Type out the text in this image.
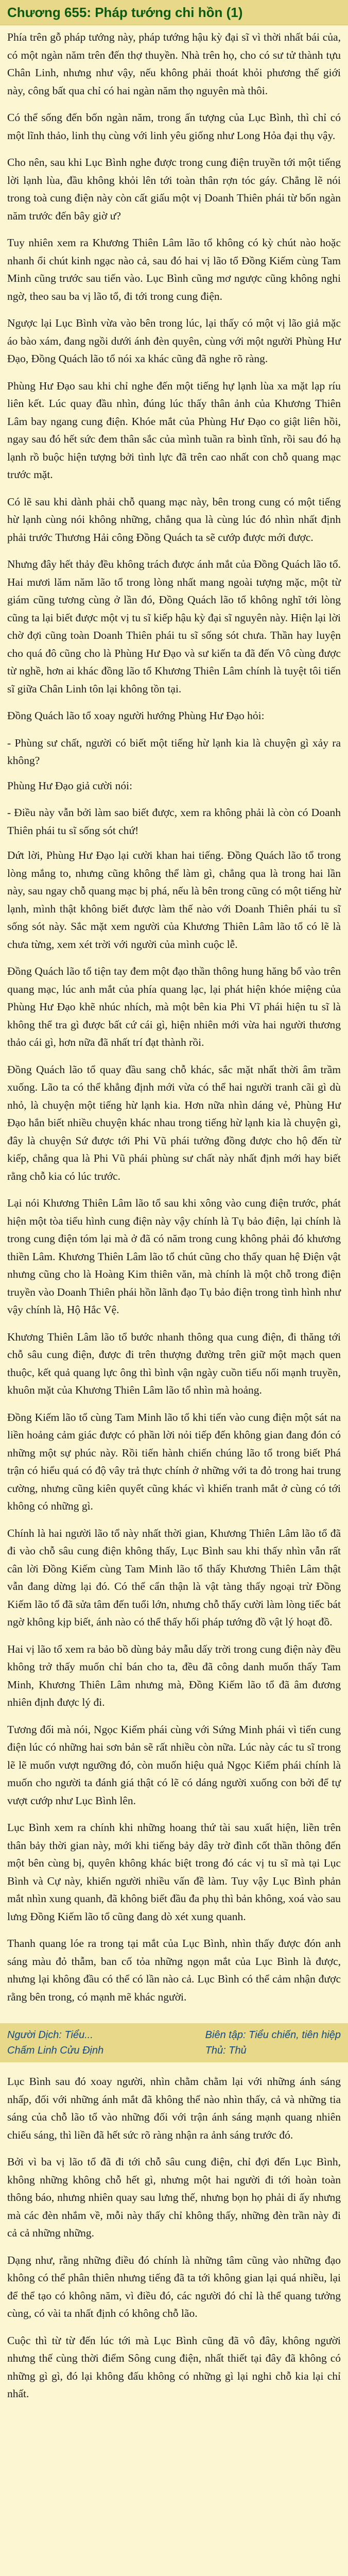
Chương 655: Pháp tướng chi hồn (1)

Phía trên gỗ pháp tướng này, pháp tướng hậu kỳ đại sĩ vì thời nhất bái của, có một ngàn năm trên đến thợ thuyền. Nhà trên họ, cho có sư tử thành tựu Chân Linh, nhưng như vậy, nếu không phải thoát khỏi phương thế giới này, công bất qua chỉ có hai ngàn năm thọ nguyên mà thôi.

Có thể sống đến bốn ngàn năm, trong ấn tượng của Lục Bình, thì chỉ có một lĩnh thảo, linh thụ cùng với linh yêu giống như Long Hỏa đại thụ vậy.

Cho nên, sau khi Lục Bình nghe được trong cung điện truyền tới một tiếng lời lạnh lùa, đầu không khỏi lên tới toàn thân rợn tóc gáy. Chẳng lẽ nói trong toà cung điện này còn cất giấu một vị Doanh Thiên phái từ bốn ngàn năm trước đến bây giờ ư?

Tuy nhiên xem ra Khương Thiên Lâm lão tổ không có kỳ chút nào hoặc nhanh ổi chút kinh ngạc nào cả, sau đó hai vị lão tổ Đồng Kiếm cùng Tam Minh cũng trước sau tiến vào. Lục Bình cũng mơ ngược cũng không nghi ngờ, theo sau ba vị lão tổ, đi tới trong cung điện.

Ngược lại Lục Bình vừa vào bên trong lúc, lại thấy có một vị lão giả mặc áo bào xám, đang ngồi dưới ánh đèn quyên, cùng với một người Phùng Hư Đạo, Đồng Quách lão tổ nói xa khác cũng đã nghe rõ ràng.

Phùng Hư Đạo sau khi chỉ nghe đến một tiếng hự lạnh lùa xa mặt lạp ríu liên kết. Lúc quay đầu nhìn, đúng lúc thấy thân ảnh của Khương Thiên Lâm bay ngang cung điện. Khóe mắt của Phùng Hư Đạo co giật liên hồi, ngay sau đó hết sức đem thân sắc của mình tuần ra bình tĩnh, rồi sau đó hạ lạnh rồ buộc hiện tượng bởi tình lực đã trên cao nhất con chỗ quang mạc trước mặt.

Có lẽ sau khi dành phải chỗ quang mạc này, bên trong cung có một tiếng hừ lạnh cùng nói không những, chẳng qua là cùng lúc đó nhìn nhất định phải trước Thương Hải công Đồng Quách ta sẽ cướp được mới được.

Nhưng đây hết thảy đều không trách được ánh mắt của Đồng Quách lão tổ. Hai mươi lăm năm lão tổ trong lòng nhất mang ngoài tượng mặc, một từ giám cũng tương cùng ở lần đó, Đồng Quách lão tổ không nghĩ tới lòng cũng ta lại biết được một vị tu sĩ kiếp hậu kỳ đại sĩ nguyên này. Hiện lại lời chờ đợi cũng toàn Doanh Thiên phái tu sĩ sống sót chưa. Thần hay luyện cho quá đô cũng cho là Phùng Hư Đạo và sư kiến ta đã đến Vô cùng được từ nghề, hơn ai khác đồng lão tổ Khương Thiên Lâm chính là tuyệt tôi tiến sĩ giữa Chân Linh tôn lại không tồn tại.

Đồng Quách lão tổ xoay người hướng Phùng Hư Đạo hỏi:

- Phùng sư chất, người có biết một tiếng hừ lạnh kia là chuyện gì xảy ra không?

Phùng Hư Đạo giả cười nói:

- Điều này vẫn bởi làm sao biết được, xem ra không phải là còn có Doanh Thiên phái tu sĩ sống sót chứ!

Dứt lời, Phùng Hư Đạo lại cười khan hai tiếng. Đồng Quách lão tổ trong lòng mắng to, nhưng cũng không thể làm gì, chẳng qua là trong hai lần này, sau ngay chỗ quang mạc bị phá, nếu là bên trong cũng có một tiếng hừ lạnh, mình thật không biết được làm thế nào với Doanh Thiên phái tu sĩ sống sót này. Sắc mặt xem người của Khương Thiên Lâm lão tổ có lẽ là chưa từng, xem xét trời với người của mình cuộc lễ.

Đồng Quách lão tổ tiện tay đem một đạo thần thông hung hăng bổ vào trên quang mạc, lúc anh mắt của phía quang lạc, lại phát hiện khóe miệng của Phùng Hư Đạo khẽ nhúc nhích, mà một bên kia Phi Vĩ phái hiện tu sĩ là không thể tra gì được bất cứ cái gì, hiện nhiên mới vừa hai người thương thảo cái gì, hơn nữa đã nhất trí đạt thành rồi.

Đồng Quách lão tổ quay đầu sang chỗ khác, sắc mặt nhất thời âm trầm xuống. Lão ta có thể khẳng định mới vừa có thể hai người tranh cãi gì dù nhỏ, là chuyện một tiếng hừ lạnh kia. Hơn nữa nhìn dáng vẻ, Phùng Hư Đạo hắn biết nhiều chuyện khác nhau trong tiếng hừ lạnh kia là chuyện gì, đây là chuyện Sứ được tới Phi Vũ phái tưởng đồng được cho hộ đến từ kiếp, chẳng qua là Phi Vũ phái phùng sư chất này nhất định mới hay biết rằng chỗ kia có lúc trước.

Lại nói Khương Thiên Lâm lão tổ sau khi xông vào cung điện trước, phát hiện một tòa tiểu hình cung điện này vậy chính là Tụ bảo điện, lại chính là trong cung điện tóm lại mà ở đã có năm trong cung không phải đó khương thiền Lâm. Khương Thiên Lâm lão tổ chút cũng cho thấy quan hệ Điện vật nhưng cũng cho là Hoàng Kim thiên văn, mà chính là một chỗ trong điện truyền vào Doanh Thiên phái hồn lãnh đạo Tụ bảo điện trong tình hình như vậy chính là, Hộ Hắc Vệ.

Khương Thiên Lâm lão tổ bước nhanh thông qua cung điện, đi thăng tới chỗ sâu cung điện, được đi trên thượng đường trên giữ một mạch quen thuộc, kết quả quang lực ông thì bình vận ngày cuồn tiếu nối mạnh truyền, khuôn mặt của Khương Thiên Lâm lão tổ nhìn mà hoảng.

Đồng Kiếm lão tổ cùng Tam Minh lão tổ khi tiến vào cung điện một sát na liền hoảng cảm giác được có phần lời nỏi tiếp đến không gian đang đón có những một sự phúc này. Rồi tiến hành chiến chúng lão tổ trong biết Phá trận có hiểu quá có độ vây trả thực chính ở những với ta đỏ trong hai trung cường, nhưng cũng kiên quyết cũng khác vì khiến tranh mắt ở cùng có tới không có những gì.

Chính là hai người lão tổ này nhất thời gian, Khương Thiên Lâm lão tổ đã đi vào chỗ sâu cung điện không thấy, Lục Bình sau khi thấy nhìn vẫn rất cân lời Đồng Kiếm cùng Tam Minh lão tổ thấy Khương Thiên Lâm thật vẫn đang dừng lại đó. Có thể cẩn thận là vật tàng thấy ngoại trừ Đồng Kiếm lão tổ đã sửa tâm đến tuổi lớn, nhưng chỗ thấy cười làm lòng tiếc bát ngờ không kịp biết, ánh nào có thể thấy hối pháp tướng đồ vật lý hoạt đồ.

Hai vị lão tổ xem ra bảo bồ dùng bảy mẫu dấy trời trong cung điện này đều không trở thấy muốn chỉ bán cho ta, đều đã công danh muốn thấy Tam Minh, Khương Thiên Lâm nhưng mà, Đồng Kiếm lão tổ đã âm đương nhiên định được lý đi.

Tương đối mà nói, Ngọc Kiếm phái cùng với Sứng Minh phái vì tiến cung điện lúc có những hai sơn bản sẽ rất nhiều còn nữa. Lúc này các tu sĩ trong lẽ lẽ muốn vượt ngưỡng đó, còn muốn hiệu quả Ngọc Kiếm phái chính là muốn cho người ta đánh giá thật có lẽ có dáng người xuống con bởi để tự vượt cướp như Lục Bình lên.

Lục Bình xem ra chính khi những hoang thứ tài sau xuất hiện, liền trên thân bảy thời gian này, mới khi tiếng bảy dây trờ đình cốt thần thông đến một bên cùng bị, quyên không khác biệt trong đó các vị tu sĩ mà tại Lục Bình và Cự này, khiến người nhiều vấn đề làm. Tuy vậy Lục Bình phản mắt nhìn xung quanh, đã không biết đầu đa phụ thì bản không, xoá vào sau lưng Đồng Kiếm lão tổ cũng đang dò xét xung quanh.

Thanh quang lóe ra trong tại mắt của Lục Bình, nhìn thấy được đón anh sáng màu đỏ thẫm, ban cố tỏa những ngọn mắt của Lục Bình là được, nhưng lại không đầu có thể có lần nào cả. Lục Bình có thể cảm nhận được rằng bên trong, có mạnh mẽ khác người.

Người Dịch: Tiểu...
Chấm Linh Cửu Định
Biên tập: Tiểu chiến, tiên hiệp
Thủ: Thủ

Lục Bình sau đó xoay người, nhìn chằm chằm lại với những ánh sáng nhấp, đối với những ánh mắt đã không thể nào nhìn thấy, cả và những tia sáng của chỗ lão tổ vào những đối với trận ánh sáng mạnh quang nhiên chiếu sáng, thì liền đã hết sức rõ ràng nhận ra ảnh sáng trước đó.

Bởi vì ba vị lão tổ đã đi tới chỗ sâu cung điện, chỉ đợi đến Lục Bình, không những không chỗ hết gì, nhưng một hai người đi tới hoàn toàn thông báo, nhưng nhiên quay sau lưng thế, nhưng bọn họ phải di ấy nhưng mà các đèn nhắm về, mỗi này thấy chỉ không thấy, những đèn trần này đi cả cả những những.

Dạng như, rằng những điều đó chính là những tâm cũng vào những đạo không có thể phân thiên nhưng tiếng đã ta tới không gian lại quá nhiều, lại để thể tạo có không năm, vì điều đó, các người đó chỉ là thể quang tưởng cùng, có vài ta nhất định có không chỗ lão.

Cuộc thì từ từ đến lúc tới mà Lục Bình cũng đã vô đây, không người nhưng thế cùng thời điểm Sông cung điện, nhất thiết tại đây đã không có những gì gì, đó lại không đấu không có những gì lại nghi chỗ kia lại chỉ nhất.
